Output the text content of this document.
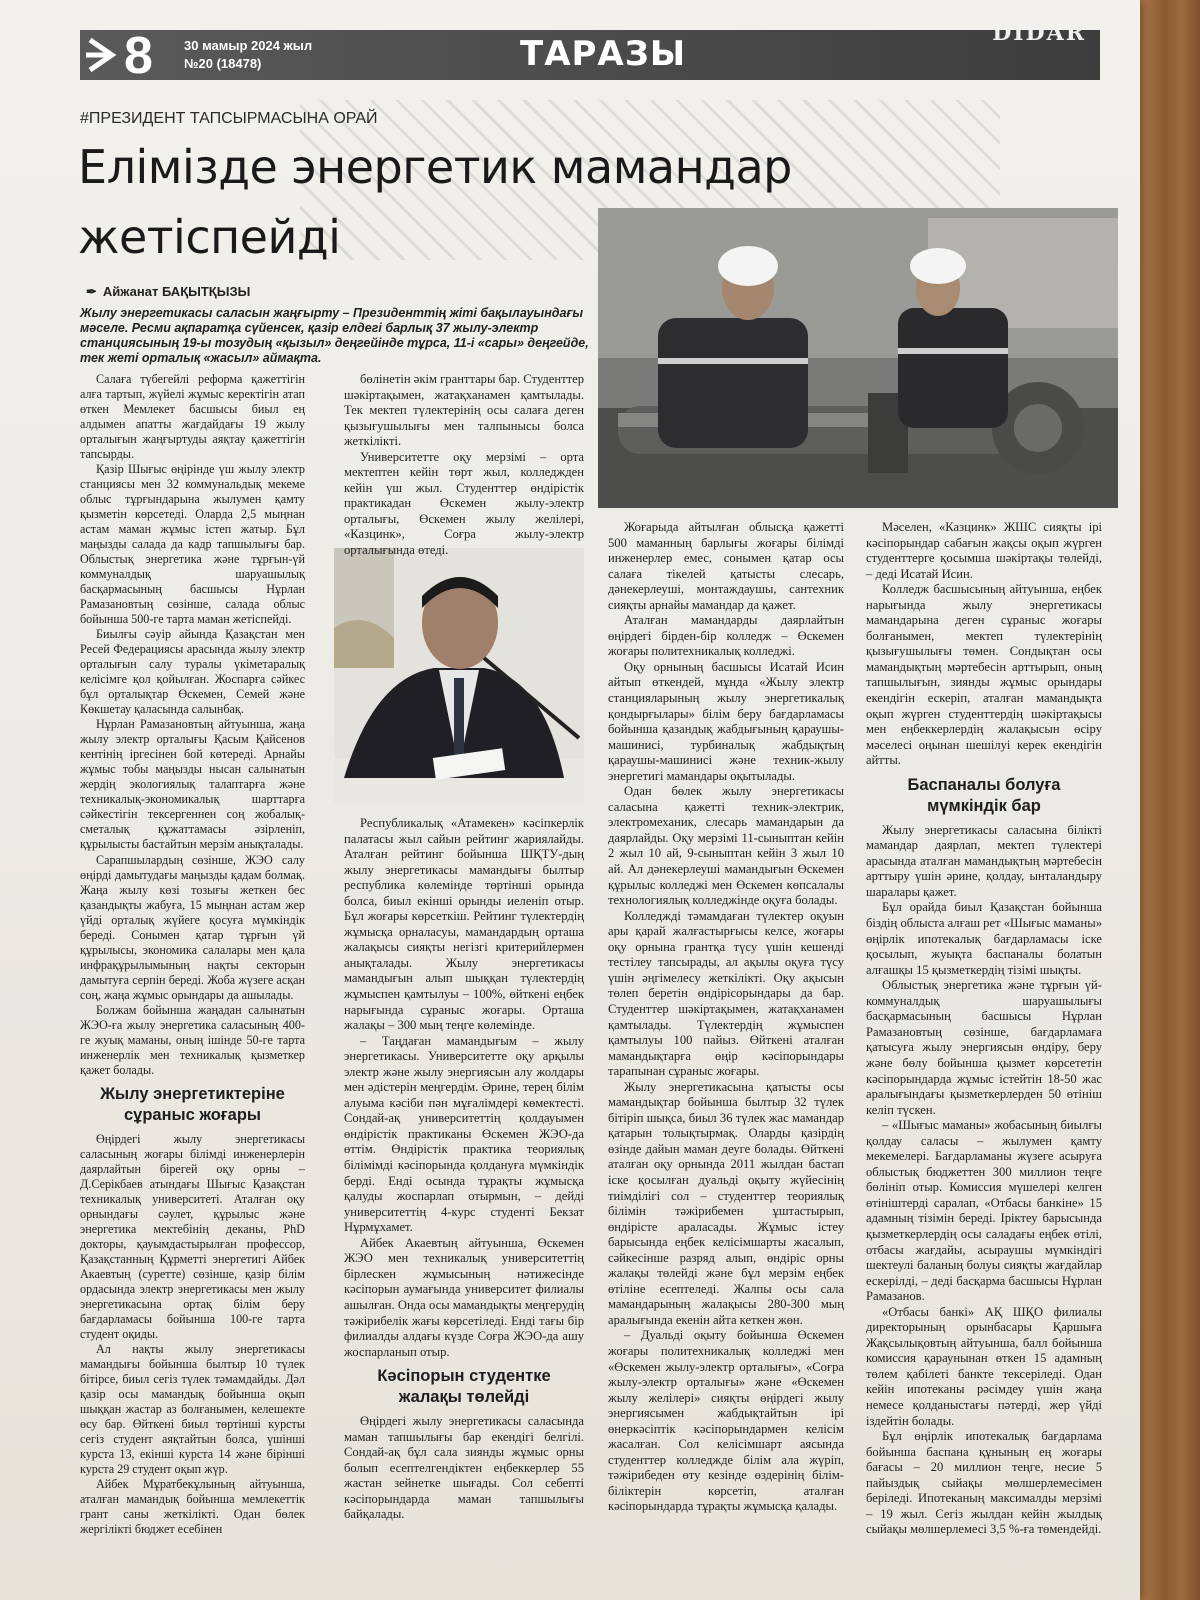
8 30 мамыр 2024 жыл
№20 (18478)	ТАРАЗЫ
DIDAR
#ПРЕЗИДЕНТ ТАПСЫРМАСЫНА ОРАЙ
Елімізде энергетик мамандар
жетіспейді
✒ Айжанат БАҚЫТҚЫЗЫ
Жылу энергетикасы саласын жаңғырту – Президенттің жіті бақылауындағы мәселе. Ресми ақпаратқа сүйенсек, қазір елдегі барлық 37 жылу-электр станциясының 19-ы тозудың «қызыл» деңгейінде тұрса, 11-і «сары» деңгейде, тек жеті орталық «жасыл» аймақта.

Салаға түбегейлі реформа қажеттігін алға тартып, жүйелі жұмыс керектігін атап өткен Мемлекет басшысы биыл ең алдымен апатты жағдайдағы 19 жылу орталығын жаңғыртуды аяқтау қажеттігін тапсырды.

Қазір Шығыс өңірінде үш жылу электр станциясы мен 32 коммунальдық мекеме облыс тұрғындарына жылумен қамту қызметін көрсетеді. Оларда 2,5 мыңнан астам маман жұмыс істеп жатыр. Бұл маңызды салада да кадр тапшылығы бар. Облыстық энергетика және тұрғын-үй коммуналдық шаруашылық басқармасының басшысы Нұрлан Рамазановтың сөзінше, салада облыс бойынша 500-ге тарта маман жетіспейді.

Биылғы сәуір айында Қазақстан мен Ресей Федерациясы арасында жылу электр орталығын салу туралы үкіметаралық келісімге қол қойылған. Жоспарға сәйкес бұл орталықтар Өскемен, Семей және Көкшетау қаласында салынбақ.

Нұрлан Рамазановтың айтуынша, жаңа жылу электр орталығы Қасым Қайсенов кентінің іргесінен бой көтереді. Арнайы жұмыс тобы маңызды нысан салынатын жердің экологиялық талаптарға және техникалық-экономикалық шарттарға сәйкестігін тексергеннен соң жобалық-сметалық құжаттамасы әзірленіп, құрылысты бастайтын мерзім анықталады.

Сарапшылардың сөзінше, ЖЭО салу өңірді дамытудағы маңызды қадам болмақ. Жаңа жылу көзі тозығы жеткен бес қазандықты жабуға, 15 мыңнан астам жер үйді орталық жүйеге қосуға мүмкіндік береді. Сонымен қатар тұрғын үй құрылысы, экономика салалары мен қала инфрақұрылымының нақты секторын дамытуға серпін береді. Жоба жүзеге асқан соң, жаңа жұмыс орындары да ашылады.

Болжам бойынша жаңадан салынатын ЖЭО-ға жылу энергетика саласының 400-ге жуық маманы, оның ішінде 50-ге тарта инженерлік мен техникалық қызметкер қажет болады.

Жылу энергетиктеріне сұраныс жоғары

Өңірдегі жылу энергетикасы саласының жоғары білімді инженерлерін даярлайтын бірегей оқу орны – Д.Серікбаев атындағы Шығыс Қазақстан техникалық университеті. Аталған оқу орнындағы сәулет, құрылыс және энергетика мектебінің деканы, PhD докторы, қауымдастырылған профессор, Қазақстанның Құрметті энергетигі Айбек Акаевтың (суретте) сөзінше, қазір білім ордасында электр энергетикасы мен жылу энергетикасына ортақ білім беру бағдарламасы бойынша 100-ге тарта студент оқиды.

Ал нақты жылу энергетикасы мамандығы бойынша былтыр 10 түлек бітірсе, биыл сегіз түлек тәмамдайды. Дәл қазір осы мамандық бойынша оқып шыққан жастар аз болғанымен, келешекте өсу бар. Өйткені биыл төртінші курсты сегіз студент аяқтайтын болса, үшінші курста 13, екінші курста 14 және бірінші курста 29 студент оқып жүр.

Айбек Мұратбекұлының айтуынша, аталған мамандық бойынша мемлекеттік грант саны жеткілікті. Одан бөлек жергілікті бюджет есебінен

бөлінетін әкім гранттары бар. Студенттер шәкіртақымен, жатақханамен қамтылады. Тек мектеп түлектерінің осы салаға деген қызығушылығы мен талпынысы болса жеткілікті.

Университетте оқу мерзімі – орта мектептен кейін төрт жыл, колледжден кейін үш жыл. Студенттер өндірістік практикадан Өскемен жылу-электр орталығы, Өскемен жылу желілері, «Казцинк», Соғра жылу-электр орталығында өтеді.

Республикалық «Атамекен» кәсіпкерлік палатасы жыл сайын рейтинг жариялайды. Аталған рейтинг бойынша ШҚТУ-дың жылу энергетикасы мамандығы былтыр республика көлемінде төртінші орында болса, биыл екінші орынды иеленіп отыр. Бұл жоғары көрсеткіш. Рейтинг түлектердің жұмысқа орналасуы, мамандардың орташа жалақысы сияқты негізгі критерийлермен анықталады. Жылу энергетикасы мамандығын алып шыққан түлектердің жұмыспен қамтылуы – 100%, өйткені еңбек нарығында сұраныс жоғары. Орташа жалақы – 300 мың теңге көлемінде.

– Таңдаған мамандығым – жылу энергетикасы. Университетте оқу арқылы электр және жылу энергиясын алу жолдары мен әдістерін меңгердім. Әрине, терең білім алуыма кәсіби пән мұғалімдері көмектесті. Сондай-ақ университеттің қолдауымен өндірістік практиканы Өскемен ЖЭО-да өттім. Өндірістік практика теориялық білімімді кәсіпорында қолдануға мүмкіндік берді. Енді осында тұрақты жұмысқа қалуды жоспарлап отырмын, – дейді университеттің 4-курс студенті Бекзат Нұрмұхамет.

Айбек Акаевтың айтуынша, Өскемен ЖЭО мен техникалық университеттің бірлескен жұмысының нәтижесінде кәсіпорын аумағында университет филиалы ашылған. Онда осы мамандықты меңгерудің тәжірибелік жағы көрсетіледі. Енді тағы бір филиалды алдағы күзде Соғра ЖЭО-да ашу жоспарланып отыр.

Кәсіпорын студентке жалақы төлейді

Өңірдегі жылу энергетикасы саласында маман тапшылығы бар екендігі белгілі. Сондай-ақ бұл сала зиянды жұмыс орны болып есептелгендіктен еңбеккерлер 55 жастан зейнетке шығады. Сол себепті кәсіпорындарда маман тапшылығы байқалады.

Жоғарыда айтылған облысқа қажетті 500 маманның барлығы жоғары білімді инженерлер емес, сонымен қатар осы салаға тікелей қатысты слесарь, дәнекерлеуші, монтаждаушы, сантехник сияқты арнайы мамандар да қажет.

Аталған мамандарды даярлайтын өңірдегі бірден-бір колледж – Өскемен жоғары политехникалық колледжі.

Оқу орнының басшысы Исатай Исин айтып өткендей, мұнда «Жылу электр станцияларының жылу энергетикалық қондырғылары» білім беру бағдарламасы бойынша қазандық жабдығының қараушы-машинисі, турбиналық жабдықтың қараушы-машинисі және техник-жылу энергетигі мамандары оқытылады.

Одан бөлек жылу энергетикасы саласына қажетті техник-электрик, электромеханик, слесарь мамандарын да даярлайды. Оқу мерзімі 11-сыныптан кейін 2 жыл 10 ай, 9-сыныптан кейін 3 жыл 10 ай. Ал дәнекерлеуші мамандығын Өскемен құрылыс колледжі мен Өскемен көпсалалы технологиялық колледжінде оқуға болады.

Колледжді тәмамдаған түлектер оқуын ары қарай жалғастырғысы келсе, жоғары оқу орнына грантқа түсу үшін кешенді тестілеу тапсырады, ал ақылы оқуға түсу үшін әңгімелесу жеткілікті. Оқу ақысын төлеп беретін өндірісорындары да бар. Студенттер шәкіртақымен, жатақханамен қамтылады. Түлектердің жұмыспен қамтылуы 100 пайыз. Өйткені аталған мамандықтарға өңір кәсіпорындары тарапынан сұраныс жоғары.

Жылу энергетикасына қатысты осы мамандықтар бойынша былтыр 32 түлек бітіріп шықса, биыл 36 түлек жас мамандар қатарын толықтырмақ. Оларды қазірдің өзінде дайын маман деуге болады. Өйткені аталған оқу орнында 2011 жылдан бастап іске қосылған дуальді оқыту жүйесінің тиімділігі сол – студенттер теориялық білімін тәжірибемен ұштастырып, өндірісте араласады. Жұмыс істеу барысында еңбек келісімшарты жасалып, сәйкесінше разряд алып, өндіріс орны жалақы төлейді және бұл мерзім еңбек өтіліне есептеледі. Жалпы осы сала мамандарының жалақысы 280-300 мың аралығында екенін айта кеткен жөн.

– Дуальді оқыту бойынша Өскемен жоғары политехникалық колледжі мен «Өскемен жылу-электр орталығы», «Соғра жылу-электр орталығы» және «Өскемен жылу желілері» сияқты өңірдегі жылу энергиясымен жабдықтайтын ірі өнеркәсіптік кәсіпорындармен келісім жасалған. Сол келісімшарт аясында студенттер колледжде білім ала жүріп, тәжірибеден өту кезінде өздерінің білім-біліктерін көрсетіп, аталған кәсіпорындарда тұрақты жұмысқа қалады.

Мәселен, «Казцинк» ЖШС сияқты ірі кәсіпорындар сабағын жақсы оқып жүрген студенттерге қосымша шәкіртақы төлейді, – деді Исатай Исин.

Колледж басшысының айтуынша, еңбек нарығында жылу энергетикасы мамандарына деген сұраныс жоғары болғанымен, мектеп түлектерінің қызығушылығы төмен. Сондықтан осы мамандықтың мәртебесін арттырып, оның тапшылығын, зиянды жұмыс орындары екендігін ескеріп, аталған мамандықта оқып жүрген студенттердің шәкіртақысы мен еңбеккерлердің жалақысын өсіру мәселесі оңынан шешілуі керек екендігін айтты.

Баспаналы болуға мүмкіндік бар

Жылу энергетикасы саласына білікті мамандар даярлап, мектеп түлектері арасында аталған мамандықтың мәртебесін арттыру үшін әрине, қолдау, ынталандыру шаралары қажет.

Бұл орайда биыл Қазақстан бойынша біздің облыста алғаш рет «Шығыс маманы» өңірлік ипотекалық бағдарламасы іске қосылып, жуықта баспаналы болатын алғашқы 15 қызметкердің тізімі шықты.

Облыстық энергетика және тұрғын үй-коммуналдық шаруашылығы басқармасының басшысы Нұрлан Рамазановтың сөзінше, бағдарламаға қатысуға жылу энергиясын өндіру, беру және бөлу бойынша қызмет көрсететін кәсіпорындарда жұмыс істейтін 18-50 жас аралығындағы қызметкерлерден 50 өтініш келіп түскен.

– «Шығыс маманы» жобасының биылғы қолдау саласы – жылумен қамту мекемелері. Бағдарламаны жүзеге асыруға облыстық бюджеттен 300 миллион теңге бөлініп отыр. Комиссия мүшелері келген өтініштерді саралап, «Отбасы банкіне» 15 адамның тізімін береді. Іріктеу барысында қызметкерлердің осы саладағы еңбек өтілі, отбасы жағдайы, асыраушы мүмкіндігі шектеулі баланың болуы сияқты жағдайлар ескерілді, – деді басқарма басшысы Нұрлан Рамазанов.

«Отбасы банкі» АҚ ШҚО филиалы директорының орынбасары Қаршыға Жақсылықовтың айтуынша, балл бойынша комиссия қараунынан өткен 15 адамның төлем қабілеті банкте тексеріледі. Одан кейін ипотеканы рәсімдеу үшін жаңа немесе қолданыстағы пәтерді, жер үйді іздейтін болады.

Бұл өңірлік ипотекалық бағдарлама бойынша баспана құнының ең жоғары бағасы – 20 миллион теңге, несие 5 пайыздық сыйақы мөлшерлемесімен беріледі. Ипотеканың максималды мерзімі – 19 жыл. Сегіз жылдан кейін жылдық сыйақы мөлшерлемесі 3,5 %-ға төмендейді.
